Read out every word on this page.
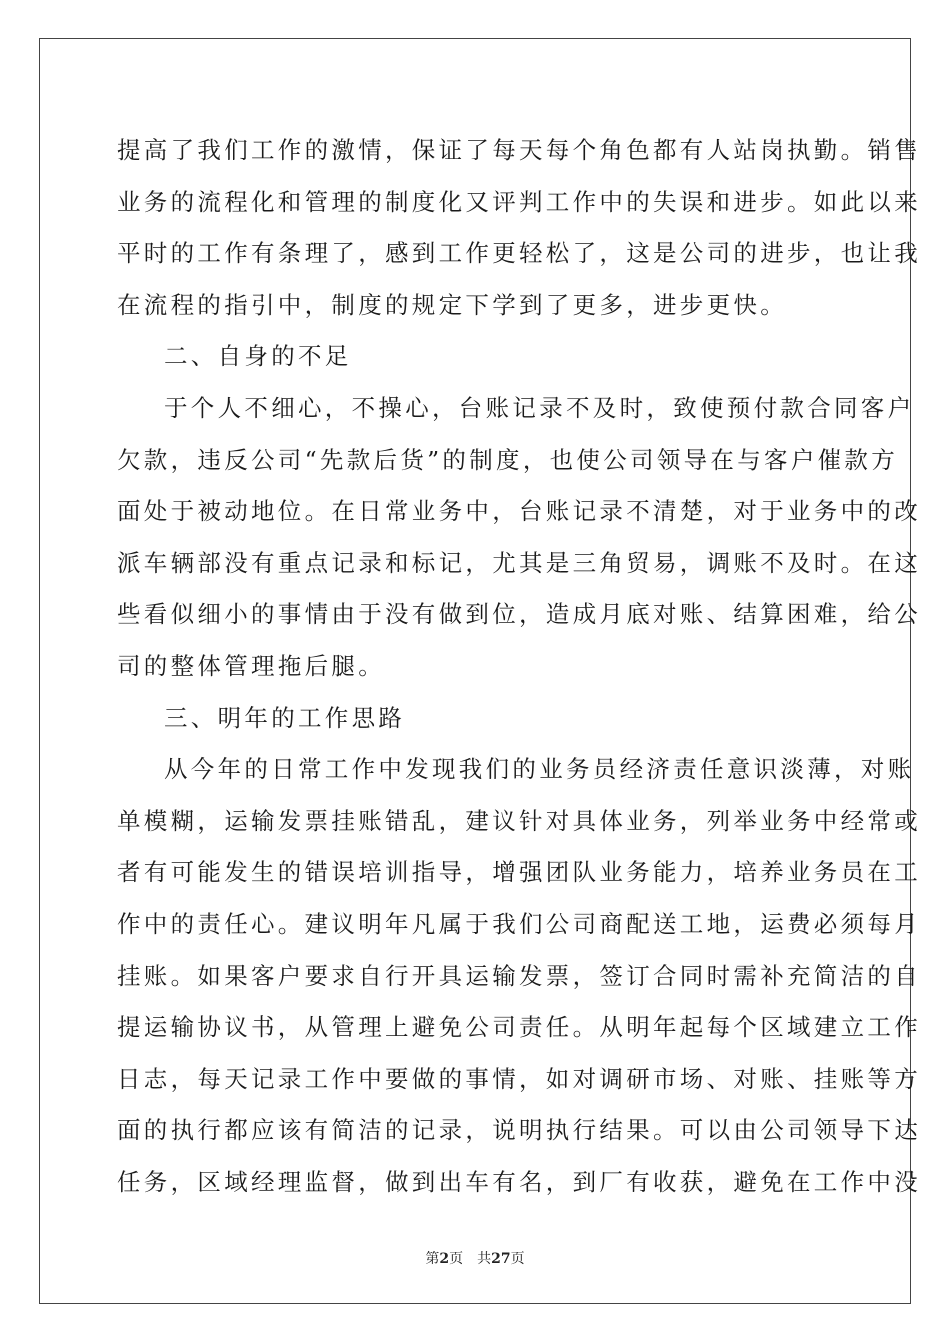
提高了我们工作的激情，保证了每天每个角色都有人站岗执勤。销售
业务的流程化和管理的制度化又评判工作中的失误和进步。如此以来
平时的工作有条理了，感到工作更轻松了，这是公司的进步，也让我
在流程的指引中，制度的规定下学到了更多，进步更快。
二、自身的不足
于个人不细心，不操心，台账记录不及时，致使预付款合同客户
欠款，违反公司“先款后货”的制度，也使公司领导在与客户催款方
面处于被动地位。在日常业务中，台账记录不清楚，对于业务中的改
派车辆部没有重点记录和标记，尤其是三角贸易，调账不及时。在这
些看似细小的事情由于没有做到位，造成月底对账、结算困难，给公
司的整体管理拖后腿。
三、明年的工作思路
从今年的日常工作中发现我们的业务员经济责任意识淡薄，对账
单模糊，运输发票挂账错乱，建议针对具体业务，列举业务中经常或
者有可能发生的错误培训指导，增强团队业务能力，培养业务员在工
作中的责任心。建议明年凡属于我们公司商配送工地，运费必须每月
挂账。如果客户要求自行开具运输发票，签订合同时需补充简洁的自
提运输协议书，从管理上避免公司责任。从明年起每个区域建立工作
日志，每天记录工作中要做的事情，如对调研市场、对账、挂账等方
面的执行都应该有简洁的记录，说明执行结果。可以由公司领导下达
任务，区域经理监督，做到出车有名，到厂有收获，避免在工作中没
第2页 共27页
